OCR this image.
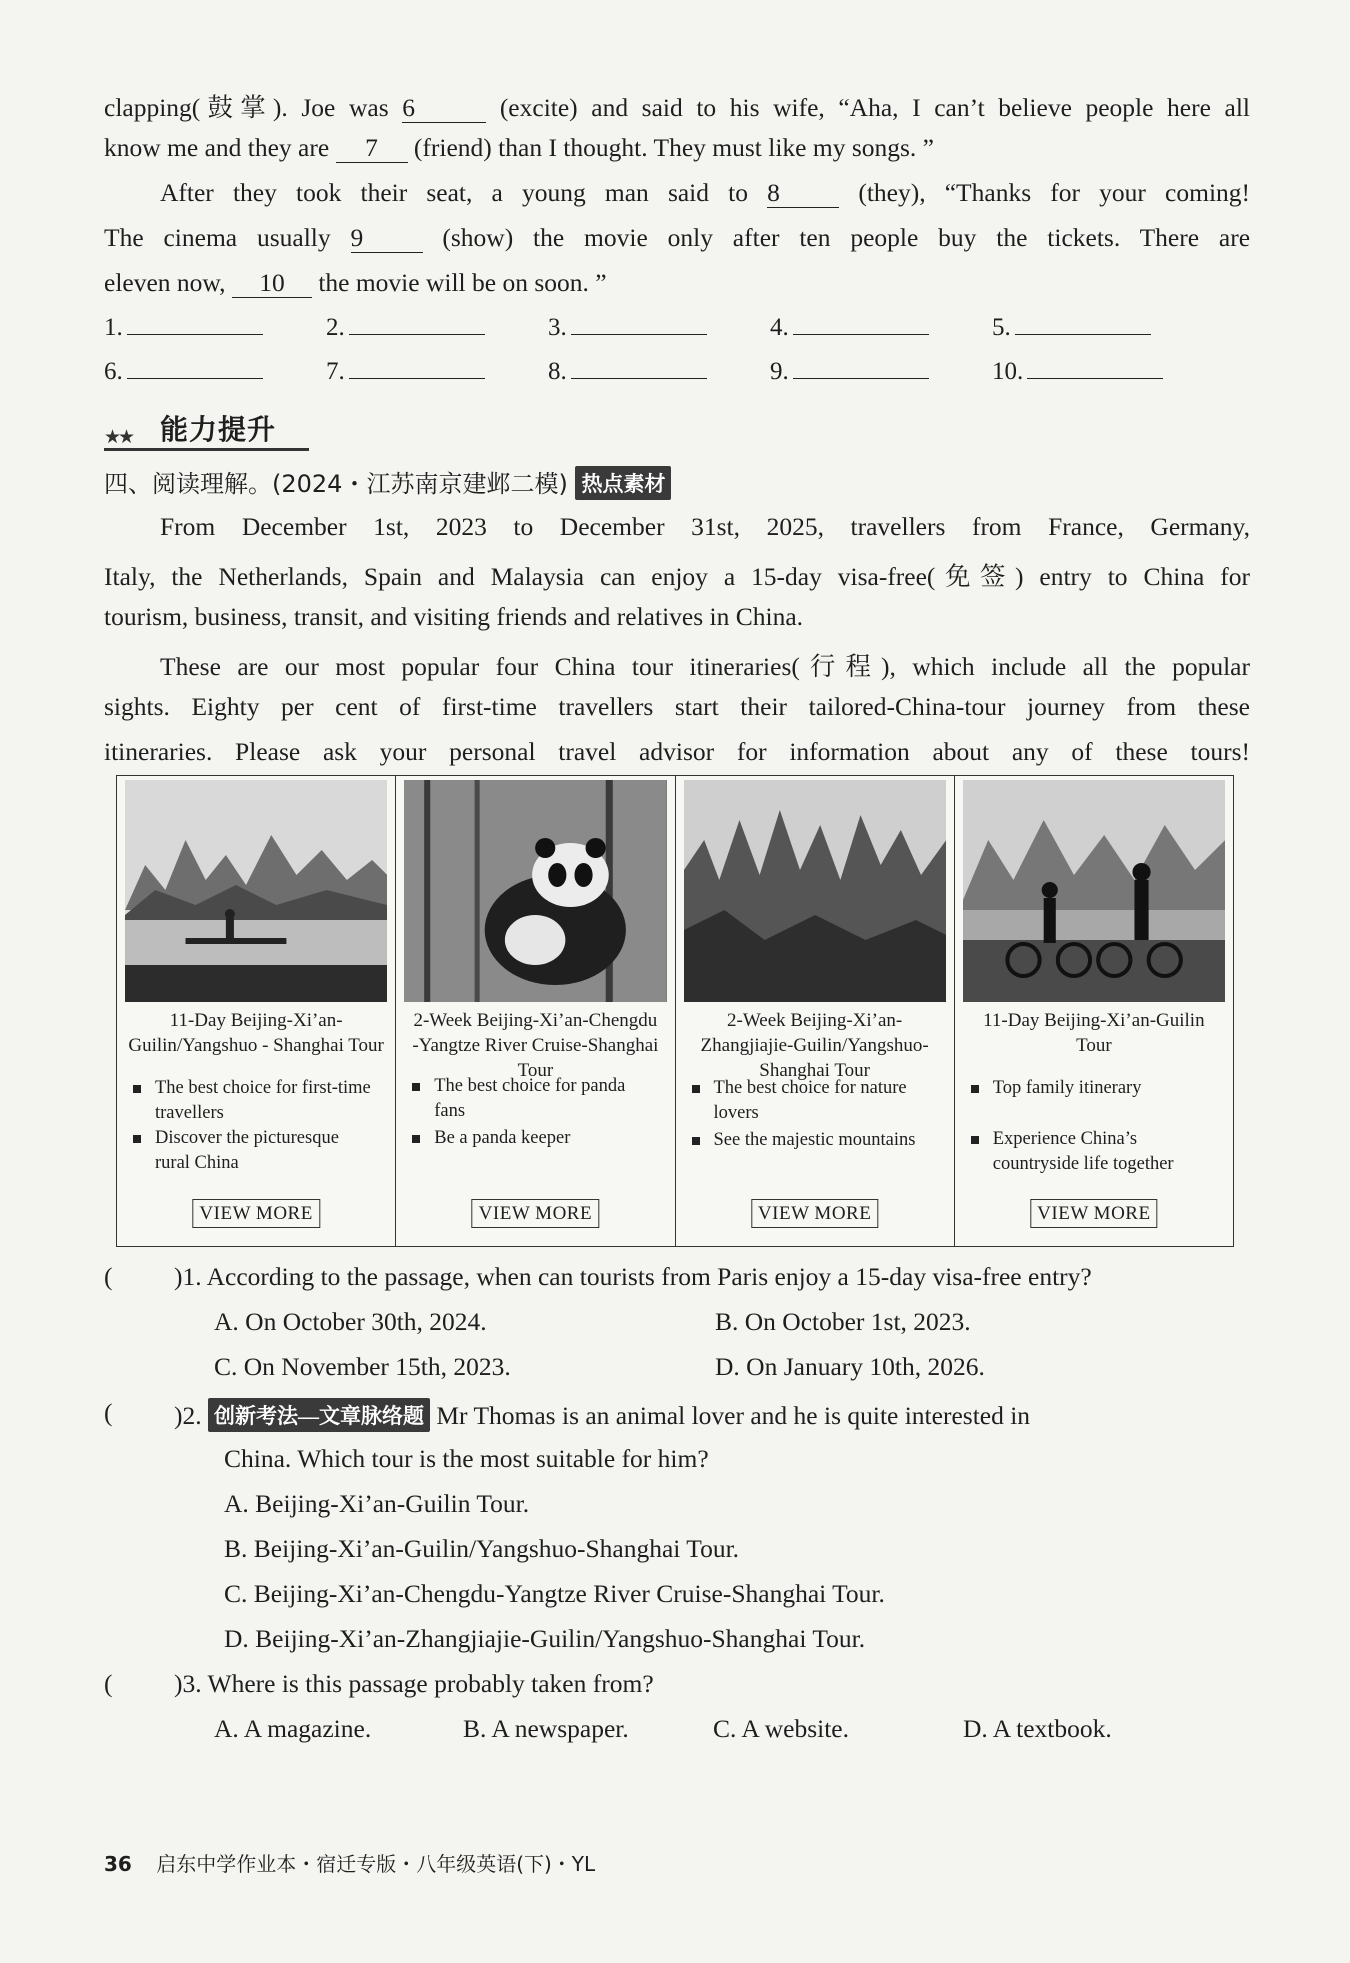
clapping(鼓掌). Joe was 6	(excite) and said to his wife, “Aha, I can’t believe people here all
know me and they are 7 (friend) than I thought. They must like my songs. ”
After they took their seat, a young man said to 8	(they), “Thanks for your coming!
The cinema usually 9	(show) the movie only after ten people buy the tickets. There are
eleven now, 10 the movie will be on soon. ”
1.	2.	3.	4.	5.
6.	7.	8.	9.	10.
★★ 能力提升
四、阅读理解。(2024・江苏南京建邺二模) 热点素材
From December 1st, 2023 to December 31st, 2025, travellers from France, Germany,
Italy, the Netherlands, Spain and Malaysia can enjoy a 15-day visa-free(免签) entry to China for
tourism, business, transit, and visiting friends and relatives in China.
These are our most popular four China tour itineraries(行程), which include all the popular
sights. Eighty per cent of first-time travellers start their tailored-China-tour journey from these
itineraries. Please ask your personal travel advisor for information about any of these tours!
11-Day Beijing-Xi’an-
Guilin/Yangshuo - Shanghai Tour
The best choice for first-time
travellers
Discover the picturesque
rural China
VIEW MORE
2-Week Beijing-Xi’an-Chengdu
-Yangtze River Cruise-Shanghai
Tour
The best choice for panda
fans
Be a panda keeper
VIEW MORE
2-Week Beijing-Xi’an-
Zhangjiajie-Guilin/Yangshuo-
Shanghai Tour
The best choice for nature
lovers
See the majestic mountains
VIEW MORE
11-Day Beijing-Xi’an-Guilin
Tour
Top family itinerary
Experience China’s
countryside life together
VIEW MORE
( )1. According to the passage, when can tourists from Paris enjoy a 15-day visa-free entry?
A. On October 30th, 2024.	B. On October 1st, 2023.
C. On November 15th, 2023.	D. On January 10th, 2026.
( )2. 创新考法—文章脉络题 Mr Thomas is an animal lover and he is quite interested in
China. Which tour is the most suitable for him?
A. Beijing-Xi’an-Guilin Tour.
B. Beijing-Xi’an-Guilin/Yangshuo-Shanghai Tour.
C. Beijing-Xi’an-Chengdu-Yangtze River Cruise-Shanghai Tour.
D. Beijing-Xi’an-Zhangjiajie-Guilin/Yangshuo-Shanghai Tour.
( )3. Where is this passage probably taken from?
A. A magazine.	B. A newspaper.	C. A website.	D. A textbook.
36 启东中学作业本・宿迁专版・八年级英语(下)・YL
